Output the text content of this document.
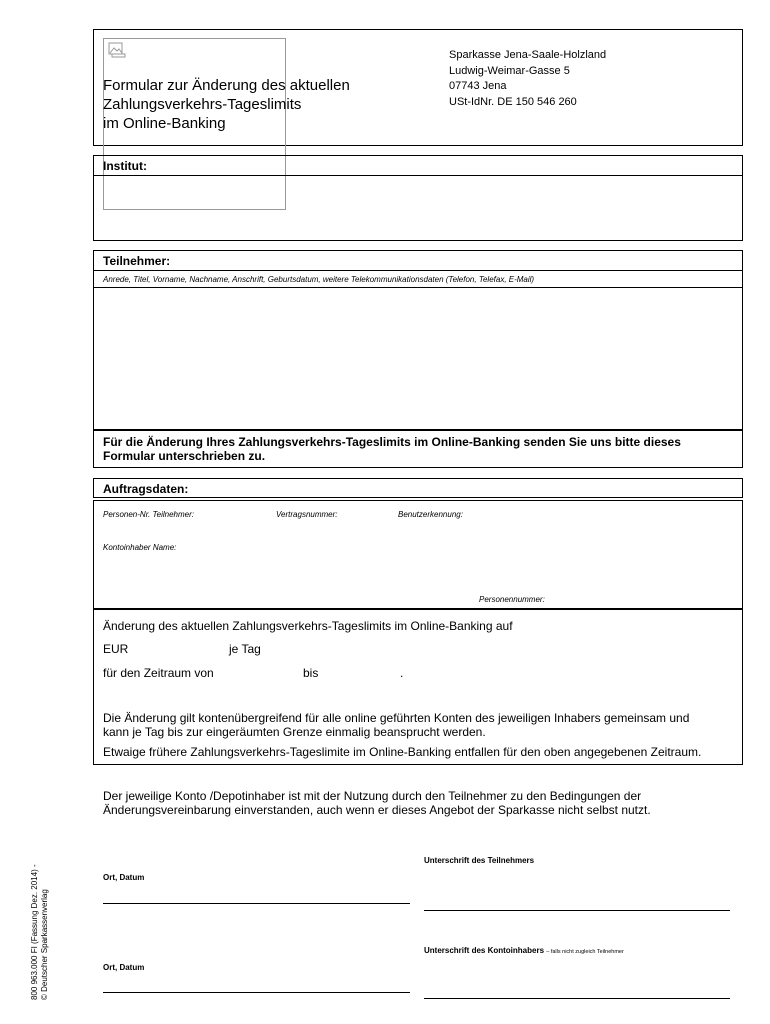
Formular zur Änderung des aktuellen
Zahlungsverkehrs-Tageslimits
im Online-Banking
Sparkasse Jena-Saale-Holzland
Ludwig-Weimar-Gasse 5
07743 Jena
USt-IdNr. DE 150 546 260
Institut:
Teilnehmer:
Anrede, Titel, Vorname, Nachname, Anschrift, Geburtsdatum, weitere Telekommunikationsdaten (Telefon, Telefax, E-Mail)
Für die Änderung Ihres Zahlungsverkehrs-Tageslimits im Online-Banking senden Sie uns bitte dieses
Formular unterschrieben zu.
Auftragsdaten:
Personen-Nr. Teilnehmer:	Vertragsnummer:	Benutzerkennung:
Kontoinhaber Name:
Personennummer:
Änderung des aktuellen Zahlungsverkehrs-Tageslimits im Online-Banking auf
EUR	je Tag
für den Zeitraum von	bis	.
Die Änderung gilt kontenübergreifend für alle online geführten Konten des jeweiligen Inhabers gemeinsam und
kann je Tag bis zur eingeräumten Grenze einmalig beansprucht werden.
Etwaige frühere Zahlungsverkehrs-Tageslimite im Online-Banking entfallen für den oben angegebenen Zeitraum.
Der jeweilige Konto /Depotinhaber ist mit der Nutzung durch den Teilnehmer zu den Bedingungen der
Änderungsvereinbarung einverstanden, auch wenn er dieses Angebot der Sparkasse nicht selbst nutzt.
Ort, Datum
Unterschrift des Teilnehmers
Ort, Datum
Unterschrift des Kontoinhabers – falls nicht zugleich Teilnehmer
800 963.000 FI (Fassung Dez. 2014) - © Deutscher Sparkassenverlag
